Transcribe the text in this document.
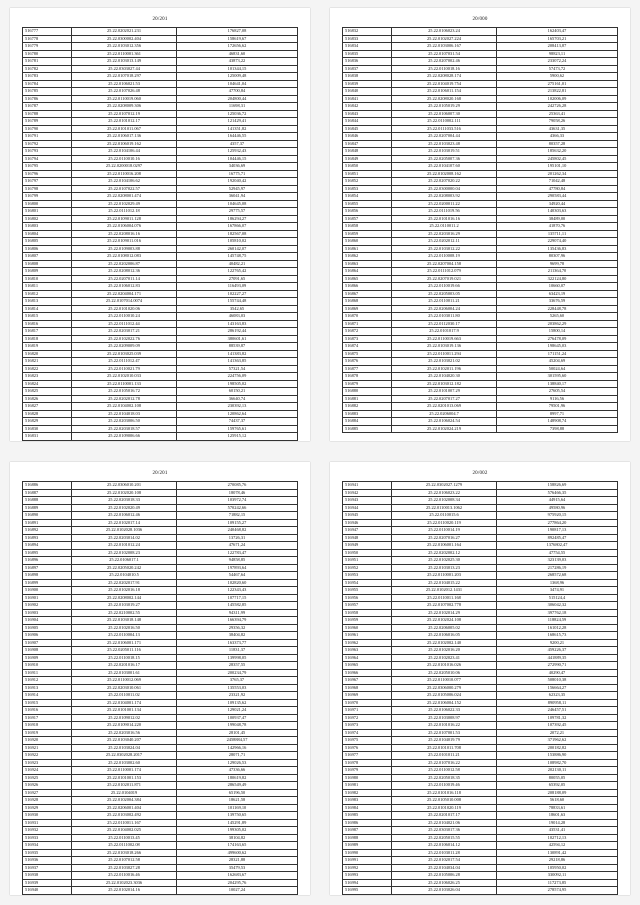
20/201
516777	25.22.0202021.231	176827,08
516778	25.22.0300002.404	158619,67
516779	25.22.0103012.356	172656,62
516780	25.22.0110001.361	46831,60
516781	25.22.0103013.149	43873,22
516782	25.22.0303027.44	101344,15
516783	25.22.0107018.297	125009,48
516784	25.22.0106021.53	104641,04
516785	25.22.0107026.48	47700,84
516786	25.22.0110019.060	204800,44
516787	25.22.0208009.306	11698,31
516788	25.22.0107012.19	125036,72
516789	25.22.0101012.17	121429,41
516790	25.22.0101011.067	141351,82
516791	25.22.0106017.136	164446,55
516792	25.22.0106019.162	4357,37
516793	25.22.0104106.44	125932,43
516794	25.22.0110010.16	104446,15
516795	25.22.0200018.0297	34036,69
516796	25.22.0110016.208	16775,71
516797	25.22.0104106.62	192040,42
516798	25.22.0107022.57	52945,97
516799	25.22.0208001.474	36041,94
516800	25.22.0102029.49	104645,08
516801	25.22.0111012.18	29775,57
516802	25.22.0109011.128	186294,27
516803	25.22.0106004.076	167866,07
516804	25.22.0208016.16	182567,08
516805	25.22.0109011.016	105810,02
516806	25.22.0109003.88	260142,07
516807	25.22.0108012.083	145748,75
516808	25.22.0202006.87	40482,21
516809	25.22.0208012.36	122765,42
516810	25.22.0207011.14	27091,65
516811	25.22.0106012.83	116493,09
516812	25.22.0204004.171	102227,27
516813	25.22.0107014.0074	155744,48
516814	25.22.0101020.06	3542,65
516815	25.22.0110010.24	46083,03
516816	25.22.0111012.44	143163,83
516817	25.22.0203017.21	286192,44
516818	25.22.0102022.76	380601,61
516819	25.22.0209009.09	88539,87
516820	25.22.0103025.039	141383,82
516821	25.22.0111012.47	141363,85
516822	25.22.0110021.79	57321,54
516823	25.22.0102010.033	224756,09
516824	25.22.0110001.133	198505,02
516825	25.22.0105016.72	60150,21
516826	25.22.0202012.78	36640,74
516827	25.22.0104002.108	230392,13
516828	25.22.0104018.03	120862,64
516829	25.22.0203006.50	74437,37
516830	25.22.0203018.57	159765,61
516831	25.22.0109006.66	125915,12
20/000
516832	25.22.0106023.24	162403,47
516833	25.22.0102027.224	165703,21
516834	25.22.0103006.167	208413,87
516835	25.22.0107031.54	98823,11
516836	25.22.0207002.46	233072,24
516837	25.22.0110018.16	57473,72
516838	25.22.0208028.174	5900,62
516839	25.22.0104019.754	275161,01
516840	25.22.0106011.154	213822,81
516841	25.22.0208020.168	102006,09
516842	25.22.0105019.29	242726,28
516843	25.22.0106007.30	25363,41
516844	25.22.0110002.111	79058,26
516845	25.22.0111033.516	43631,35
516846	25.22.0207004.44	4366,33
516847	25.22.0103023.48	80357,28
516848	25.22.0103019.51	185632,20
516849	25.22.0205007.36	245802,45
516850	25.22.0104107.60	195101,10
516851	25.22.0102008.162	201262,34
516852	25.22.0207020.22	71042,48
516853	25.22.0300000.04	47780,84
516854	25.22.0208003.92	290583,44
516855	25.22.0200011.22	34920,44
516856	25.22.0111019.56	140303,63
516857	25.22.0101016.16	38489,00
516858	25.22.0110011.2	41870,76
516859	25.22.0203016.29	135711,11
516860	25.22.0202012.11	229074,40
516861	25.22.0103012.22	135436,83
516862	25.22.0110008.19	80307,96
516863	25.22.0207004.158	9699,78
516864	25.22.0111012.079	211364,70
516865	25.22.0207019.021	322124,80
516866	25.22.0110019.66	10660,07
516867	25.22.0205003.05	63423,19
516868	25.22.0110011.21	33676,59
516869	25.22.0206004.24	228448,78
516870	25.22.0103011.80	5265,60
516871	25.22.0112030.17	203862,29
516872	25.22.0101017.9	15800,14
516873	25.22.0110019.663	276478,09
516874	25.22.0103019.136	198645,03
516875	25.22.0110011.294	171151,24
516876	25.22.0103021.02	45204,69
516877	25.22.0102011.196	50024,64
516878	25.22.0104020.30	301595,60
516879	25.22.0103012.182	138840,17
516880	25.22.0101007.29	27605,54
516881	25.22.0207017.27	9116,56
516882	25.22.0201013.069	79501,96
516883	25.22.0206004.7	8997,71
516884	25.22.0106024.54	148908,74
516885	25.22.0102024.219	7398,88
20/201
516886	25.22.0306010.201	270085,76
516887	25.22.0102020.108	18078,46
516888	25.22.0203018.33	103972,74
516889	25.22.0102020.49	570242,66
516890	25.22.0106012.46	71882,15
516891	25.22.0102017.14	109155,27
516892	25.22.0102028.1036	240468,82
516893	25.22.0203014.02	13726,31
516894	25.22.0101012.24	47671,24
516895	25.22.0102008.23	122783,47
516896	25.22.0106017.1	94858,85
516897	25.22.0205020.242	197893,64
516898	25.22.0104010.5	54467,64
516899	25.22.0202017.91	102820,60
516900	25.22.0102016.18	122343,43
516901	25.22.0208002.144	107717,15
516902	25.22.0103019.27	145582,85
516903	25.22.0210002.55	94311,99
516904	25.22.0103018.148	166394,79
516905	25.22.0102016.50	29356,32
516906	25.22.0110004.13	38404,82
516907	25.22.0106001.171	163373,77
516908	25.22.0205011.116	11831,37
516909	25.22.0110018.15	139998,05
516910	25.22.0201016.17	28357,55
516911	25.22.0103001.61	200234,79
516912	25.22.0110012.069	3765,37
516913	25.22.0203010.061	135553,03
516914	25.22.0110011.02	23321,92
516915	25.22.0104001.174	109135,62
516916	25.22.0101001.134	129021,24
516917	25.22.0109012.02	100937,47
516918	25.22.0109014.220	199048,78
516919	25.22.0203016.56	28101,45
516920	25.22.0103040.207	2458884,57
516921	25.22.0103024.04	142966,16
516922	25.22.0302028.2017	28071,71
516923	25.22.0103002.60	129026,53
516924	25.22.0110001.174	47336,66
516925	25.22.0101001.153	180619,82
516926	25.22.0102011.871	286549,49
516927	25.22.0104019	65196,50
516928	25.22.0102004.384	18621,58
516929	25.22.0206001.404	101169,10
516930	25.22.0103002.492	139750,65
516931	25.22.0110011.167	145291,89
516932	25.22.0104002.025	199305,02
516933	25.22.0110013.45	38104,82
516934	25.22.0111002.08	174163,65
516935	25.22.0103018.266	499600,62
516936	25.22.0107012.58	28321,88
516937	25.22.0103027.28	35479,53
516938	25.22.0110016.46	162683,67
516939	25.22.0102023.3036	204295,76
516940	25.22.0102014.16	10027,24
20/002
516941	25.22.0302027.1279	158826,69
516942	25.22.0106023.22	576466,35
516943	25.22.0102008.34	44915,64
516944	25.22.0110013.1062	49580,96
516945	25.22.0110015.6	975920,15
516946	25.22.0110020.119	277864,20
516947	25.22.0110014.19	190817,13
516948	25.22.0207016.27	892485,47
516949	25.22.0106001.164	1376802,47
516950	25.22.0202002.12	47754,55
516951	25.22.0102025.30	323139,03
516952	25.22.0103013.23	217286,19
516953	25.22.0110001.203	268572,68
516954	25.22.0104015.22	1368,96
516955	25.22.0102012.1431	3474,91
516956	25.22.0110011.168	515124,4
516957	25.22.0107002.778	306042,32
516958	25.22.0102014.29	397762,18
516959	25.22.0102024.108	118824,59
516960	25.22.0206005.02	161012,28
516961	25.22.0106016.05	168615,73
516962	25.22.0102002.140	9200,21
516963	25.22.0102016.20	459226,37
516964	25.22.0102023.41	441889,35
516965	25.22.0101016.026	272990,71
516966	25.22.0205010.06	40290,47
516967	25.22.0110010.077	508010,38
516968	25.22.0306000.279	156664,27
516969	25.22.0105006.024	62323,35
516970	25.22.0106004.152	890958,11
516971	25.22.0106022.33	246457,51
516972	25.22.0103008.97	109781,32
516973	25.22.0101016.22	107392,45
516974	25.22.0107001.53	2072,21
516975	25.22.0104019.79	371962,62
516976	25.22.0101011.708	200182,82
516977	25.22.0101011.21	153886,90
516978	25.22.0107016.22	108982,70
516979	25.22.0110012.58	202130,11
516980	25.22.0205018.35	80055,05
516981	25.22.0110019.46	65392,05
516982	25.22.0101016.118	208188,09
516983	25.22.0105010.008	5618,60
516984	25.22.0101020.119	78833,61
516985	25.22.0201017.17	18601,63
516986	25.22.0104021.06	19014,28
516987	25.22.0303017.36	43531,41
516988	25.22.0205015.55	102712,13
516989	25.22.0106014.12	42594,12
516990	25.22.0103011.28	130891,42
516991	25.22.0102017.54	29218,86
516992	25.22.0104034.04	105950,02
516993	25.22.0105006.28	330092,11
516994	25.22.0106026.25	117273,85
516995	25.22.0103026.04	278574,95
